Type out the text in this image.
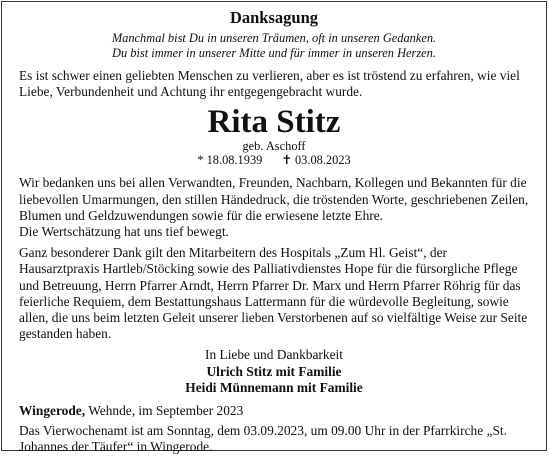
Danksagung
Manchmal bist Du in unseren Träumen, oft in unseren Gedanken.
Du bist immer in unserer Mitte und für immer in unseren Herzen.

Es ist schwer einen geliebten Menschen zu verlieren, aber es ist tröstend zu erfahren, wie viel Liebe, Verbundenheit und Achtung ihr entgegengebracht wurde.

Rita Stitz
geb. Aschoff
* 18.08.1939 ✝ 03.08.2023

Wir bedanken uns bei allen Verwandten, Freunden, Nachbarn, Kollegen und Bekannten für die liebevollen Umarmungen, den stillen Händedruck, die tröstenden Worte, geschriebenen Zeilen, Blumen und Geldzuwendungen sowie für die erwiesene letzte Ehre.

Die Wertschätzung hat uns tief bewegt.

Ganz besonderer Dank gilt den Mitarbeitern des Hospitals „Zum Hl. Geist“, der Hausarztpraxis Hartleb/Stöcking sowie des Palliativdienstes Hope für die fürsorgliche Pflege und Betreuung, Herrn Pfarrer Arndt, Herrn Pfarrer Dr. Marx und Herrn Pfarrer Röhrig für das feierliche Requiem, dem Bestattungshaus Lattermann für die würdevolle Begleitung, sowie allen, die uns beim letzten Geleit unserer lieben Verstorbenen auf so vielfältige Weise zur Seite gestanden haben.

In Liebe und Dankbarkeit
Ulrich Stitz mit Familie
Heidi Münnemann mit Familie
Wingerode, Wehnde, im September 2023

Das Vierwochenamt ist am Sonntag, dem 03.09.2023, um 09.00 Uhr in der Pfarrkirche „St. Johannes der Täufer“ in Wingerode.
